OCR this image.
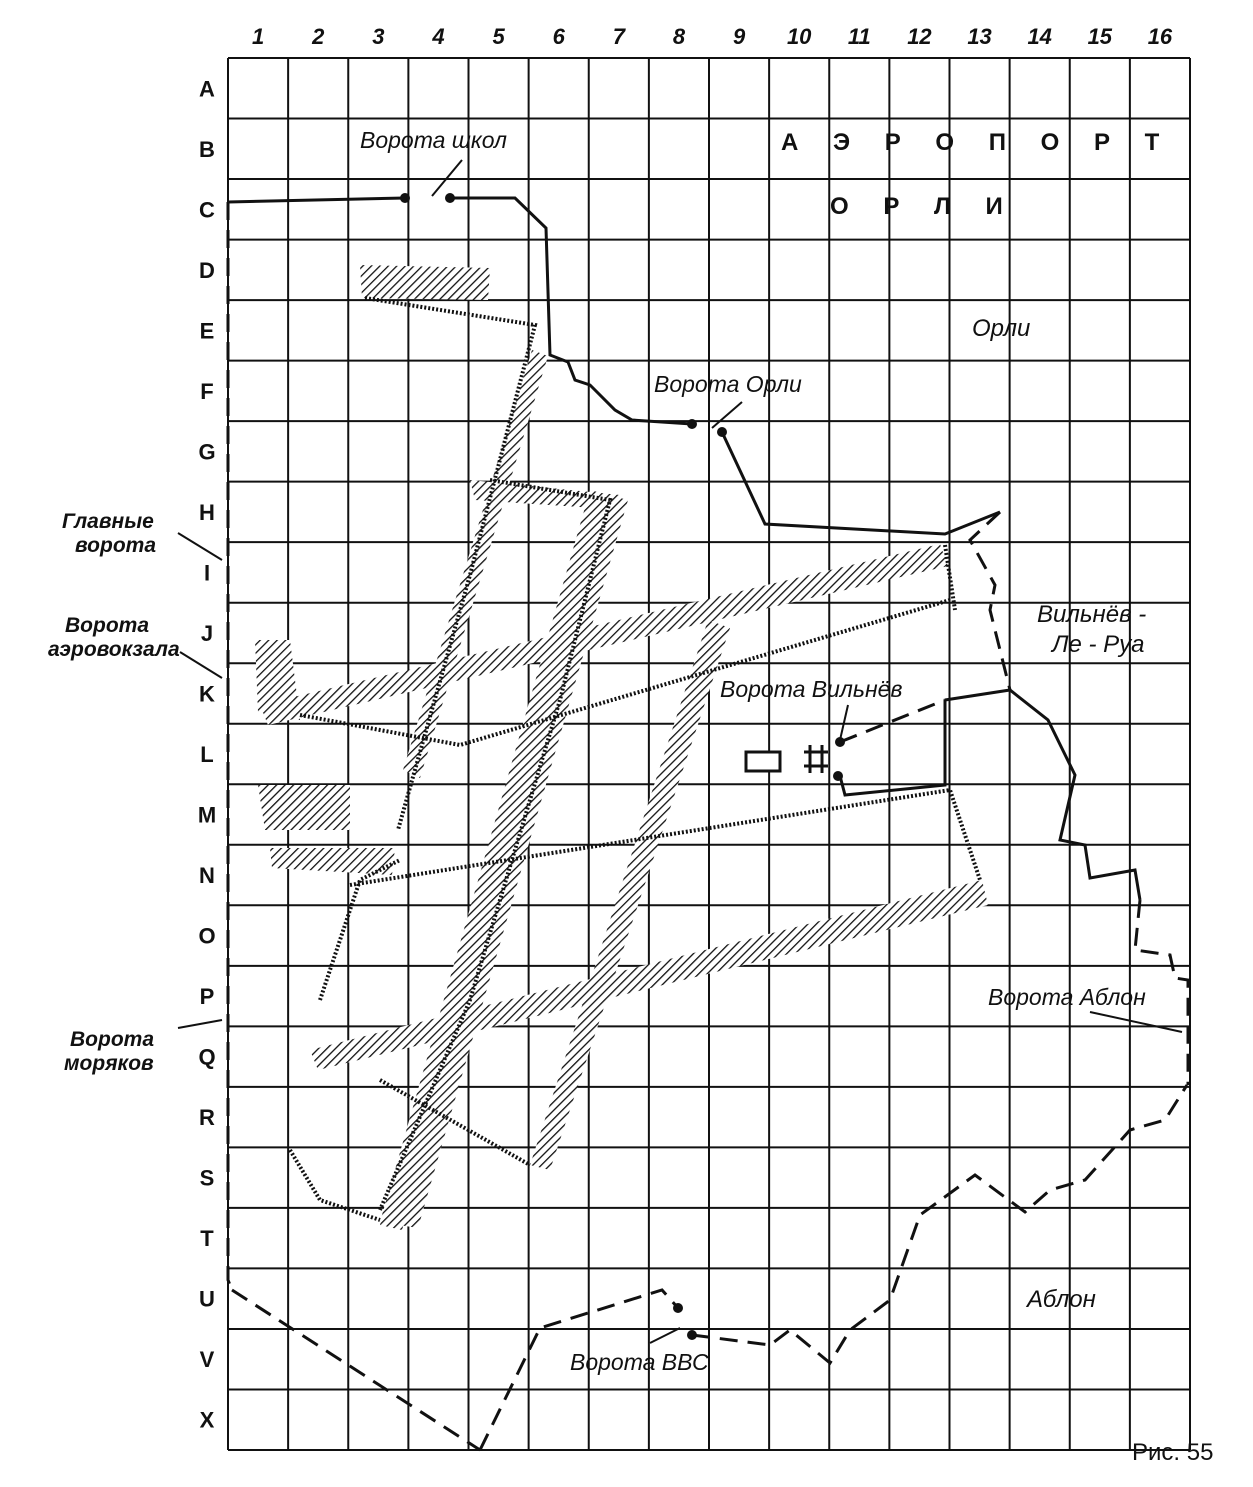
1 2 3 4 5 6 7 8 9 10 11 12 13 14 15 16
A
B
C
D
E
F
G
H
I
J
K
L
M
N
O
P
Q
R
S
T
U
V
X
А Э Р О П О Р Т
О Р Л И
Орли
Вильнёв -
Ле - Руа
Аблон
Ворота школ
Ворота Орли
Главные
ворота
Ворота
аэровокзала
Ворота Вильнёв
Ворота Аблон
Ворота
моряков
Ворота ВВС
Рис. 55
